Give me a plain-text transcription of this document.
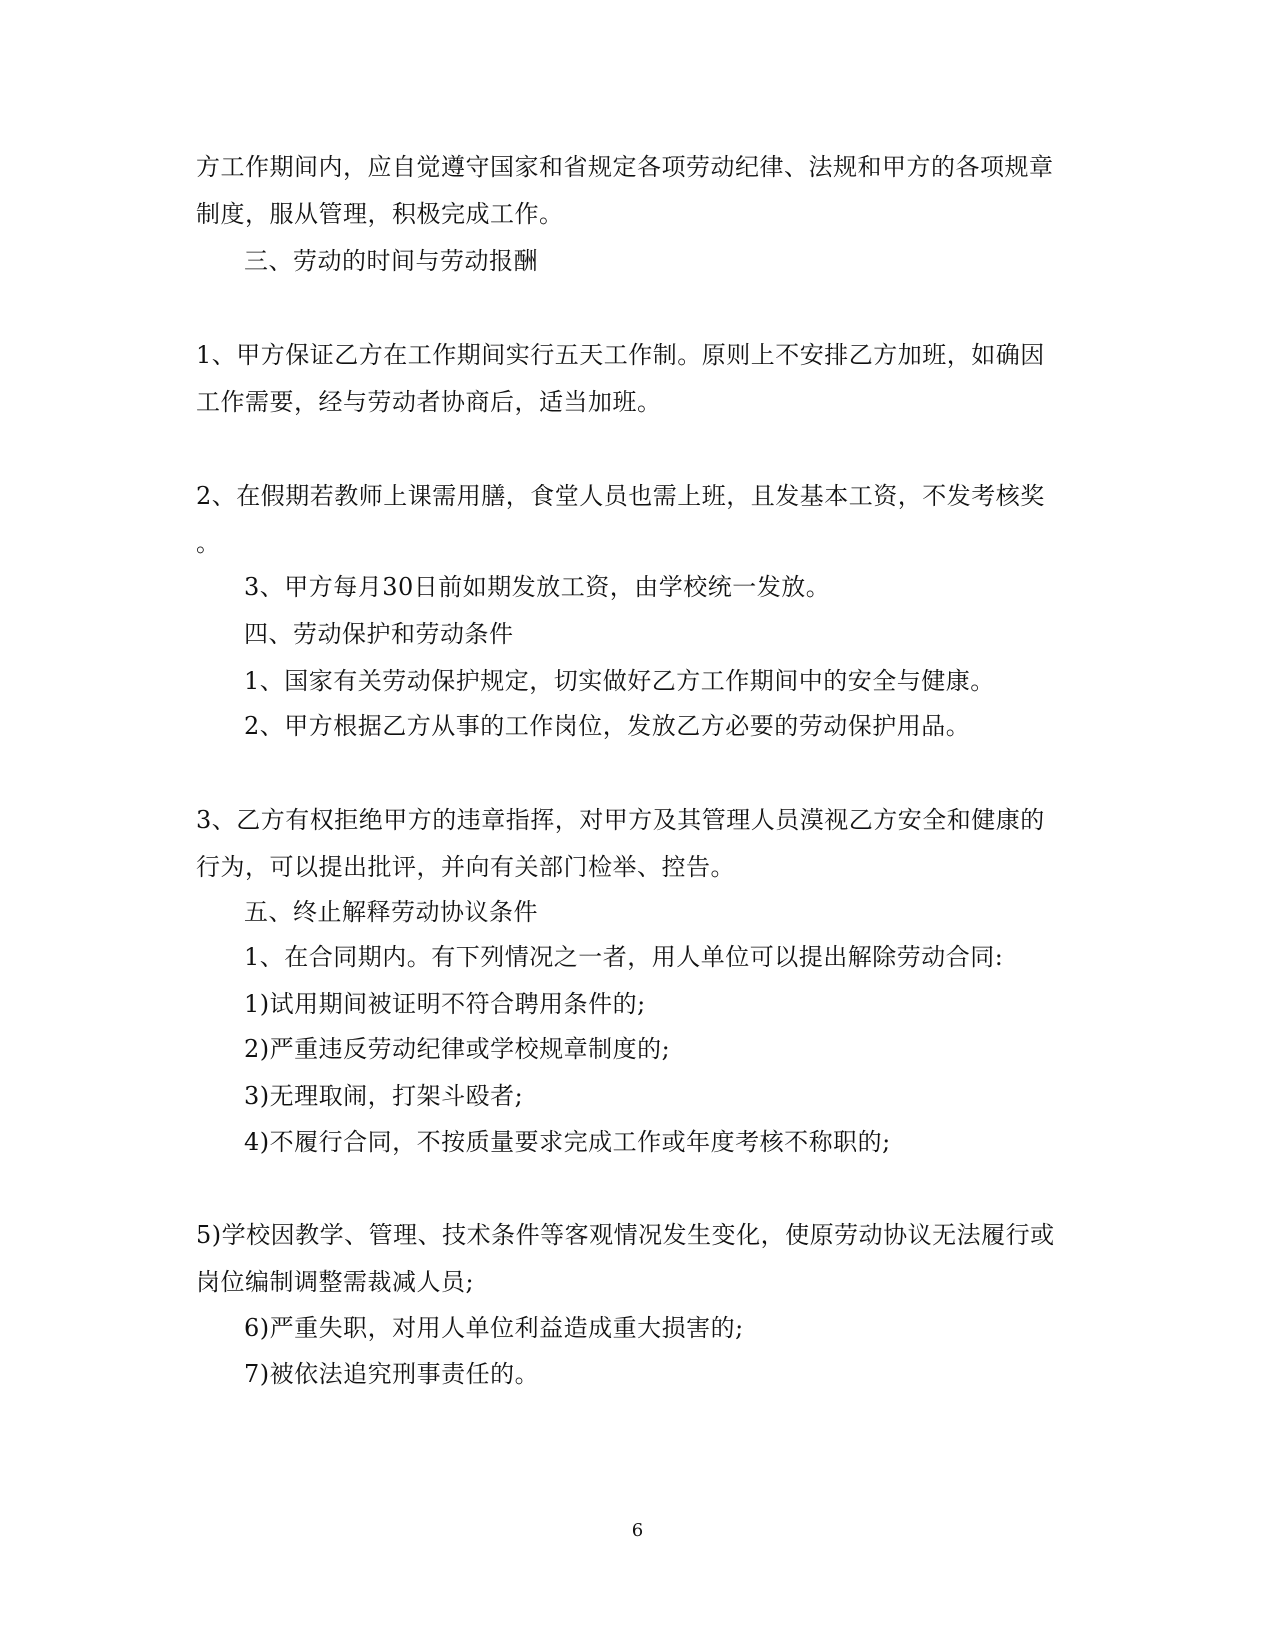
方工作期间内，应自觉遵守国家和省规定各项劳动纪律、法规和甲方的各项规章
制度，服从管理，积极完成工作。
三、劳动的时间与劳动报酬
1、甲方保证乙方在工作期间实行五天工作制。原则上不安排乙方加班，如确因
工作需要，经与劳动者协商后，适当加班。
2、在假期若教师上课需用膳，食堂人员也需上班，且发基本工资，不发考核奖
。
3、甲方每月30日前如期发放工资，由学校统一发放。
四、劳动保护和劳动条件
1、国家有关劳动保护规定，切实做好乙方工作期间中的安全与健康。
2、甲方根据乙方从事的工作岗位，发放乙方必要的劳动保护用品。
3、乙方有权拒绝甲方的违章指挥，对甲方及其管理人员漠视乙方安全和健康的
行为，可以提出批评，并向有关部门检举、控告。
五、终止解释劳动协议条件
1、在合同期内。有下列情况之一者，用人单位可以提出解除劳动合同:
1)试用期间被证明不符合聘用条件的;
2)严重违反劳动纪律或学校规章制度的;
3)无理取闹，打架斗殴者;
4)不履行合同，不按质量要求完成工作或年度考核不称职的;
5)学校因教学、管理、技术条件等客观情况发生变化，使原劳动协议无法履行或
岗位编制调整需裁减人员;
6)严重失职，对用人单位利益造成重大损害的;
7)被依法追究刑事责任的。
6
